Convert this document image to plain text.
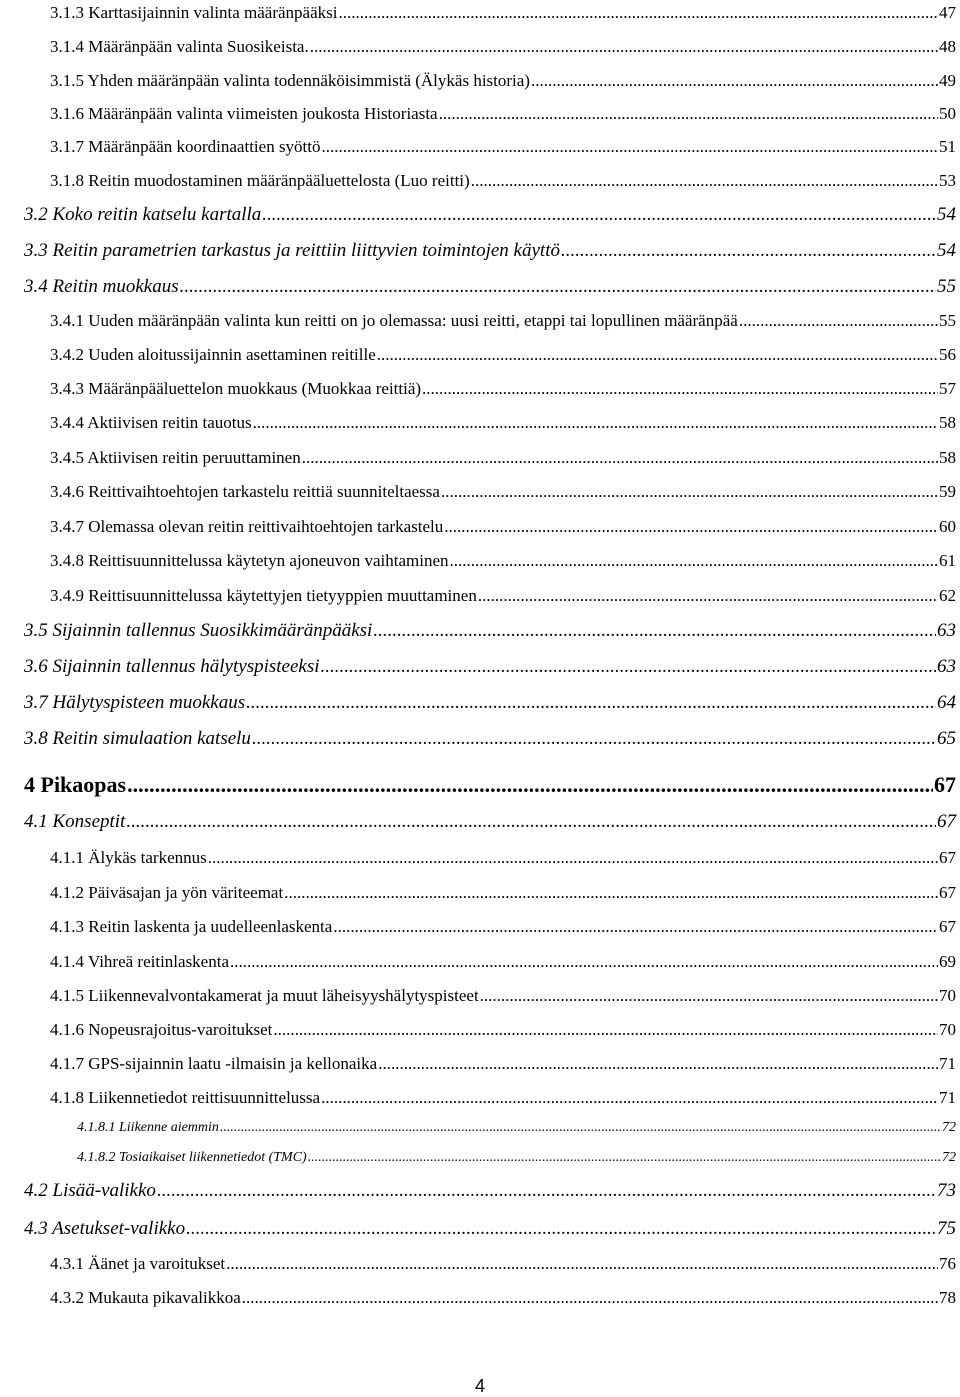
3.1.3 Karttasijainnin valinta määränpääksi .....	47
3.1.4 Määränpään valinta Suosikeista. .....	48
3.1.5 Yhden määränpään valinta todennäköisimmistä (Älykäs historia) .....	49
3.1.6 Määränpään valinta viimeisten joukosta Historiasta .....	50
3.1.7 Määränpään koordinaattien syöttö .....	51
3.1.8 Reitin muodostaminen määränpääluettelosta (Luo reitti) .....	53
3.2 Koko reitin katselu kartalla .....	54
3.3 Reitin parametrien tarkastus ja reittiin liittyvien toimintojen käyttö .....	54
3.4 Reitin muokkaus .....	55
3.4.1 Uuden määränpään valinta kun reitti on jo olemassa: uusi reitti, etappi tai lopullinen määränpää .....	55
3.4.2 Uuden aloitussijainnin asettaminen reitille .....	56
3.4.3 Määränpääluettelon muokkaus (Muokkaa reittiä) .....	57
3.4.4 Aktiivisen reitin tauotus .....	58
3.4.5 Aktiivisen reitin peruuttaminen .....	58
3.4.6 Reittivaihtoehtojen tarkastelu reittiä suunniteltaessa .....	59
3.4.7 Olemassa olevan reitin reittivaihtoehtojen tarkastelu .....	60
3.4.8 Reittisuunnittelussa käytetyn ajoneuvon vaihtaminen .....	61
3.4.9 Reittisuunnittelussa käytettyjen tietyyppien muuttaminen .....	62
3.5 Sijainnin tallennus Suosikkimääränpääksi .....	63
3.6 Sijainnin tallennus hälytyspisteeksi .....	63
3.7 Hälytyspisteen muokkaus .....	64
3.8 Reitin simulaation katselu .....	65
4 Pikaopas .....	67
4.1 Konseptit .....	67
4.1.1 Älykäs tarkennus .....	67
4.1.2 Päiväsajan ja yön väriteemat .....	67
4.1.3 Reitin laskenta ja uudelleenlaskenta .....	67
4.1.4 Vihreä reitinlaskenta .....	69
4.1.5 Liikennevalvontakamerat ja muut läheisyyshälytyspisteet .....	70
4.1.6 Nopeusrajoitus-varoitukset .....	70
4.1.7 GPS-sijainnin laatu -ilmaisin ja kellonaika .....	71
4.1.8 Liikennetiedot reittisuunnittelussa .....	71
4.1.8.1 Liikenne aiemmin .....	72
4.1.8.2 Tosiaikaiset liikennetiedot (TMC) .....	72
4.2 Lisää-valikko .....	73
4.3 Asetukset-valikko .....	75
4.3.1 Äänet ja varoitukset .....	76
4.3.2 Mukauta pikavalikkoa .....	78
4
